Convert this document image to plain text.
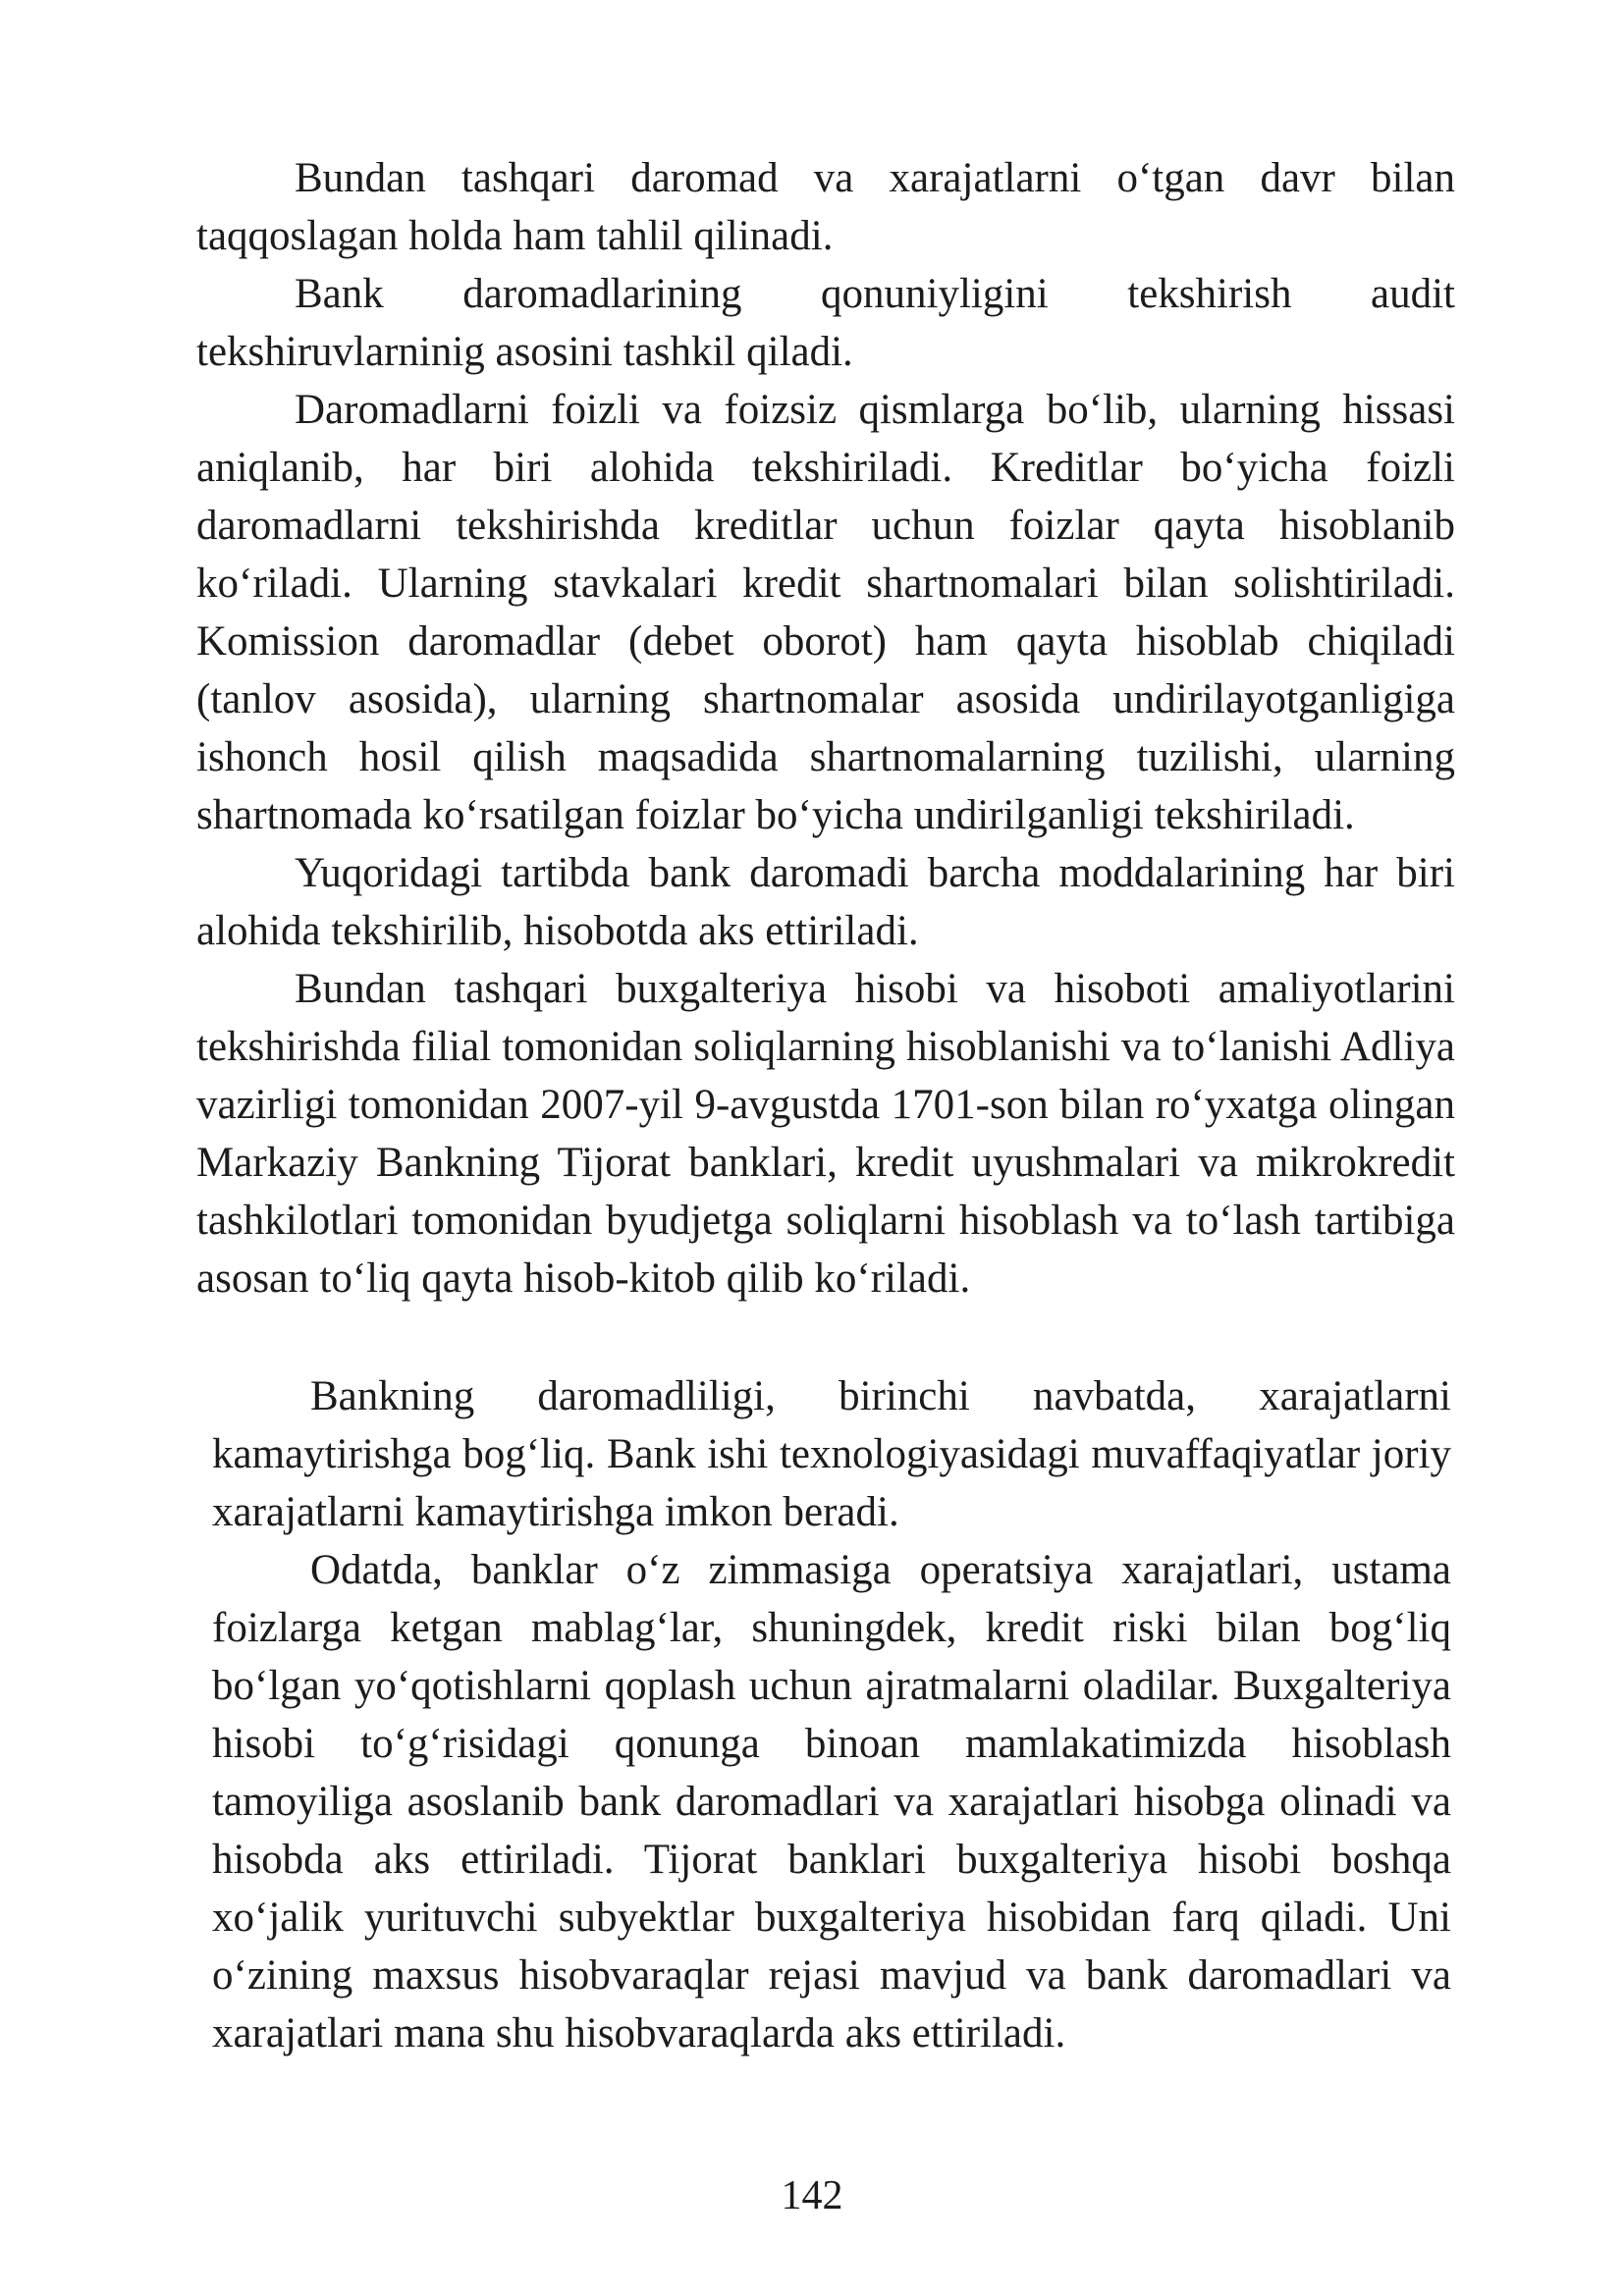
Bundan tashqari daromad va xarajatlarni o‘tgan davr bilan taqqoslagan holda ham tahlil qilinadi.

Bank daromadlarining qonuniyligini tekshirish audit tekshiruvlarninig asosini tashkil qiladi.

Daromadlarni foizli va foizsiz qismlarga bo‘lib, ularning hissasi aniqlanib, har biri alohida tekshiriladi. Kreditlar bo‘yicha foizli daromadlarni tekshirishda kreditlar uchun foizlar qayta hisoblanib ko‘riladi. Ularning stavkalari kredit shartnomalari bilan solishtiriladi. Komission daromadlar (debet oborot) ham qayta hisoblab chiqiladi (tanlov asosida), ularning shartnomalar asosida undirilayotganligiga ishonch hosil qilish maqsadida shartnomalarning tuzilishi, ularning shartnomada ko‘rsatilgan foizlar bo‘yicha undirilganligi tekshiriladi.

Yuqoridagi tartibda bank daromadi barcha moddalarining har biri alohida tekshirilib, hisobotda aks ettiriladi.

Bundan tashqari buxgalteriya hisobi va hisoboti amaliyotlarini tekshirishda filial tomonidan soliqlarning hisoblanishi va to‘lanishi Adliya vazirligi tomonidan 2007-yil 9-avgustda 1701-son bilan ro‘yxatga olingan Markaziy Bankning Tijorat banklari, kredit uyushmalari va mikrokredit tashkilotlari tomonidan byudjetga soliqlarni hisoblash va to‘lash tartibiga asosan to‘liq qayta hisob-kitob qilib ko‘riladi.

Bankning daromadliligi, birinchi navbatda, xarajatlarni kamaytirishga bog‘liq. Bank ishi texnologiyasidagi muvaffaqiyatlar joriy xarajatlarni kamaytirishga imkon beradi.

Odatda, banklar o‘z zimmasiga operatsiya xarajatlari, ustama foizlarga ketgan mablag‘lar, shuningdek, kredit riski bilan bog‘liq bo‘lgan yo‘qotishlarni qoplash uchun ajratmalarni oladilar. Buxgalteriya hisobi to‘g‘risidagi qonunga binoan mamlakatimizda hisoblash tamoyiliga asoslanib bank daromadlari va xarajatlari hisobga olinadi va hisobda aks ettiriladi. Tijorat banklari buxgalteriya hisobi boshqa xo‘jalik yurituvchi subyektlar buxgalteriya hisobidan farq qiladi. Uni o‘zining maxsus hisobvaraqlar rejasi mavjud va bank daromadlari va xarajatlari mana shu hisobvaraqlarda aks ettiriladi.

142
